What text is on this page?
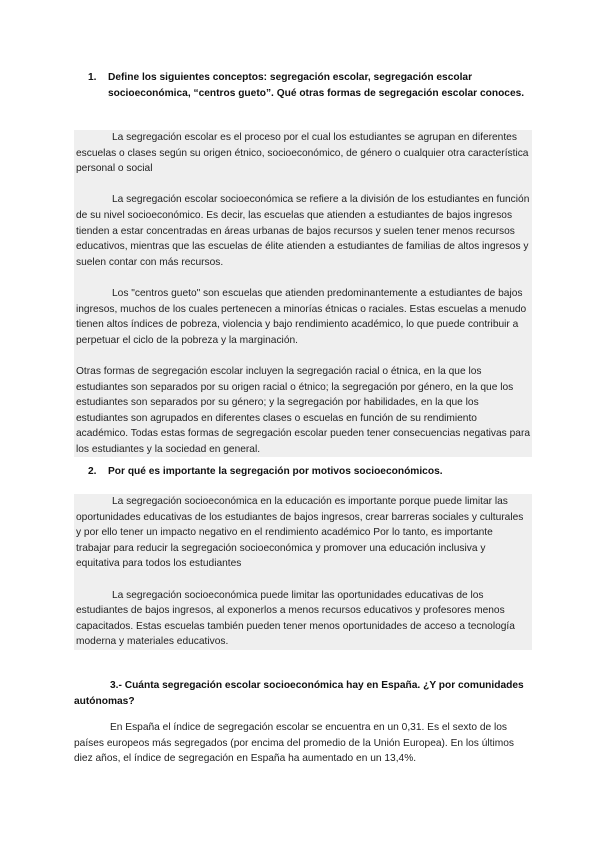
1.	Define los siguientes conceptos: segregación escolar, segregación escolar socioeconómica, “centros gueto”. Qué otras formas de segregación escolar conoces.

La segregación escolar es el proceso por el cual los estudiantes se agrupan en diferentes escuelas o clases según su origen étnico, socioeconómico, de género o cualquier otra característica personal o social

La segregación escolar socioeconómica se refiere a la división de los estudiantes en función de su nivel socioeconómico. Es decir, las escuelas que atienden a estudiantes de bajos ingresos tienden a estar concentradas en áreas urbanas de bajos recursos y suelen tener menos recursos educativos, mientras que las escuelas de élite atienden a estudiantes de familias de altos ingresos y suelen contar con más recursos.

Los "centros gueto" son escuelas que atienden predominantemente a estudiantes de bajos ingresos, muchos de los cuales pertenecen a minorías étnicas o raciales. Estas escuelas a menudo tienen altos índices de pobreza, violencia y bajo rendimiento académico, lo que puede contribuir a perpetuar el ciclo de la pobreza y la marginación.

Otras formas de segregación escolar incluyen la segregación racial o étnica, en la que los estudiantes son separados por su origen racial o étnico; la segregación por género, en la que los estudiantes son separados por su género; y la segregación por habilidades, en la que los estudiantes son agrupados en diferentes clases o escuelas en función de su rendimiento académico. Todas estas formas de segregación escolar pueden tener consecuencias negativas para los estudiantes y la sociedad en general.

2.	Por qué es importante la segregación por motivos socioeconómicos.

La segregación socioeconómica en la educación es importante porque puede limitar las oportunidades educativas de los estudiantes de bajos ingresos, crear barreras sociales y culturales y por ello tener un impacto negativo en el rendimiento académico Por lo tanto, es importante trabajar para reducir la segregación socioeconómica y promover una educación inclusiva y equitativa para todos los estudiantes

La segregación socioeconómica puede limitar las oportunidades educativas de los estudiantes de bajos ingresos, al exponerlos a menos recursos educativos y profesores menos capacitados. Estas escuelas también pueden tener menos oportunidades de acceso a tecnología moderna y materiales educativos.

3.- Cuánta segregación escolar socioeconómica hay en España. ¿Y por comunidades autónomas?

En España el índice de segregación escolar se encuentra en un 0,31. Es el sexto de los países europeos más segregados (por encima del promedio de la Unión Europea). En los últimos diez años, el índice de segregación en España ha aumentado en un 13,4%.
